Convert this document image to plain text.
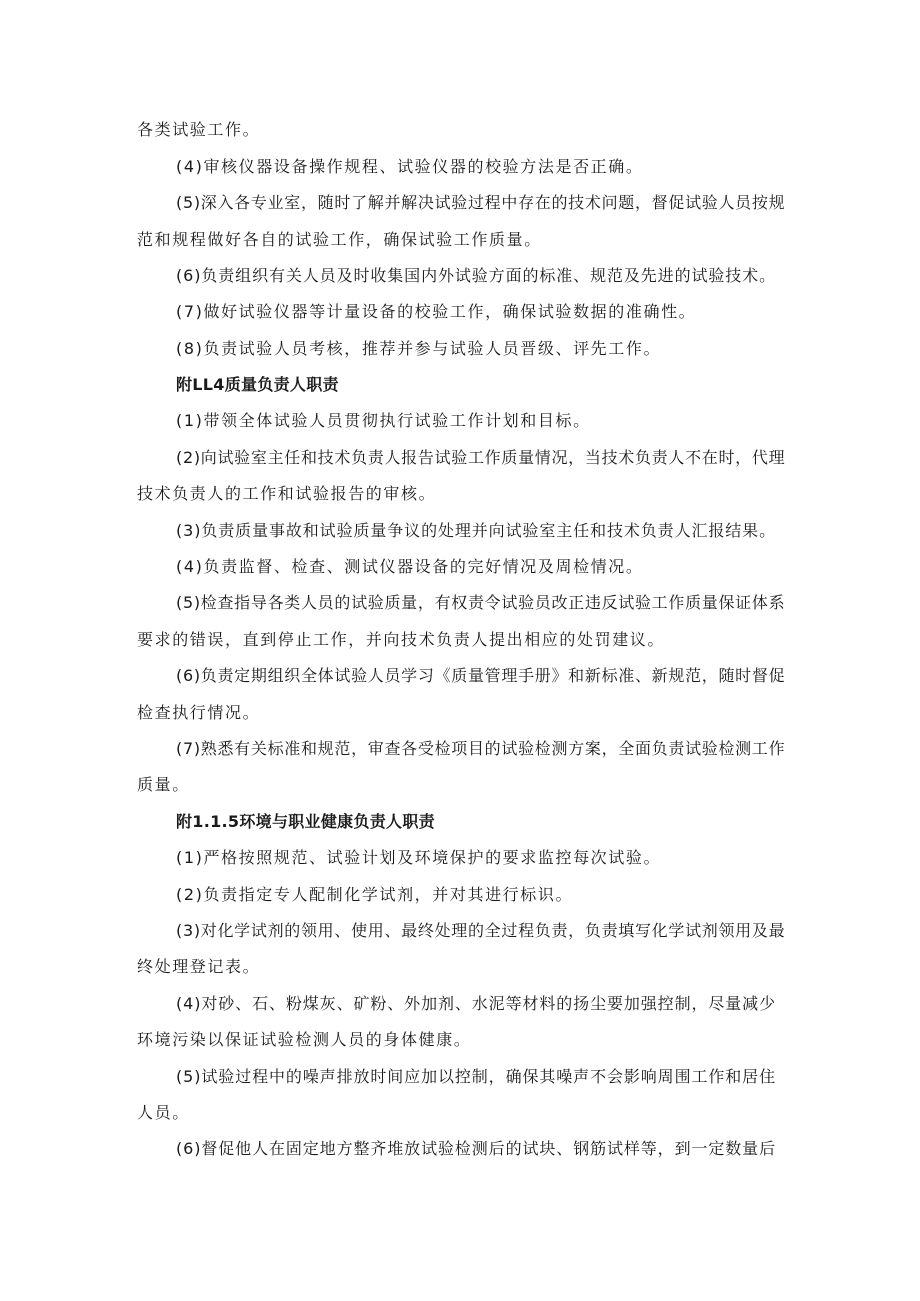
各类试验工作。
(4)审核仪器设备操作规程、试验仪器的校验方法是否正确。
(5)深入各专业室，随时了解并解决试验过程中存在的技术问题，督促试验人员按规
范和规程做好各自的试验工作，确保试验工作质量。
(6)负责组织有关人员及时收集国内外试验方面的标准、规范及先进的试验技术。
(7)做好试验仪器等计量设备的校验工作，确保试验数据的准确性。
(8)负责试验人员考核，推荐并参与试验人员晋级、评先工作。
附LL4质量负责人职责
(1)带领全体试验人员贯彻执行试验工作计划和目标。
(2)向试验室主任和技术负责人报告试验工作质量情况，当技术负责人不在时，代理
技术负责人的工作和试验报告的审核。
(3)负责质量事故和试验质量争议的处理并向试验室主任和技术负责人汇报结果。
(4)负责监督、检查、测试仪器设备的完好情况及周检情况。
(5)检查指导各类人员的试验质量，有权责令试验员改正违反试验工作质量保证体系
要求的错误，直到停止工作，并向技术负责人提出相应的处罚建议。
(6)负责定期组织全体试验人员学习《质量管理手册》和新标准、新规范，随时督促
检查执行情况。
(7)熟悉有关标准和规范，审查各受检项目的试验检测方案，全面负责试验检测工作
质量。
附1.1.5环境与职业健康负责人职责
(1)严格按照规范、试验计划及环境保护的要求监控每次试验。
(2)负责指定专人配制化学试剂，并对其进行标识。
(3)对化学试剂的领用、使用、最终处理的全过程负责，负责填写化学试剂领用及最
终处理登记表。
(4)对砂、石、粉煤灰、矿粉、外加剂、水泥等材料的扬尘要加强控制，尽量减少
环境污染以保证试验检测人员的身体健康。
(5)试验过程中的噪声排放时间应加以控制，确保其噪声不会影响周围工作和居住
人员。
(6)督促他人在固定地方整齐堆放试验检测后的试块、钢筋试样等，到一定数量后
